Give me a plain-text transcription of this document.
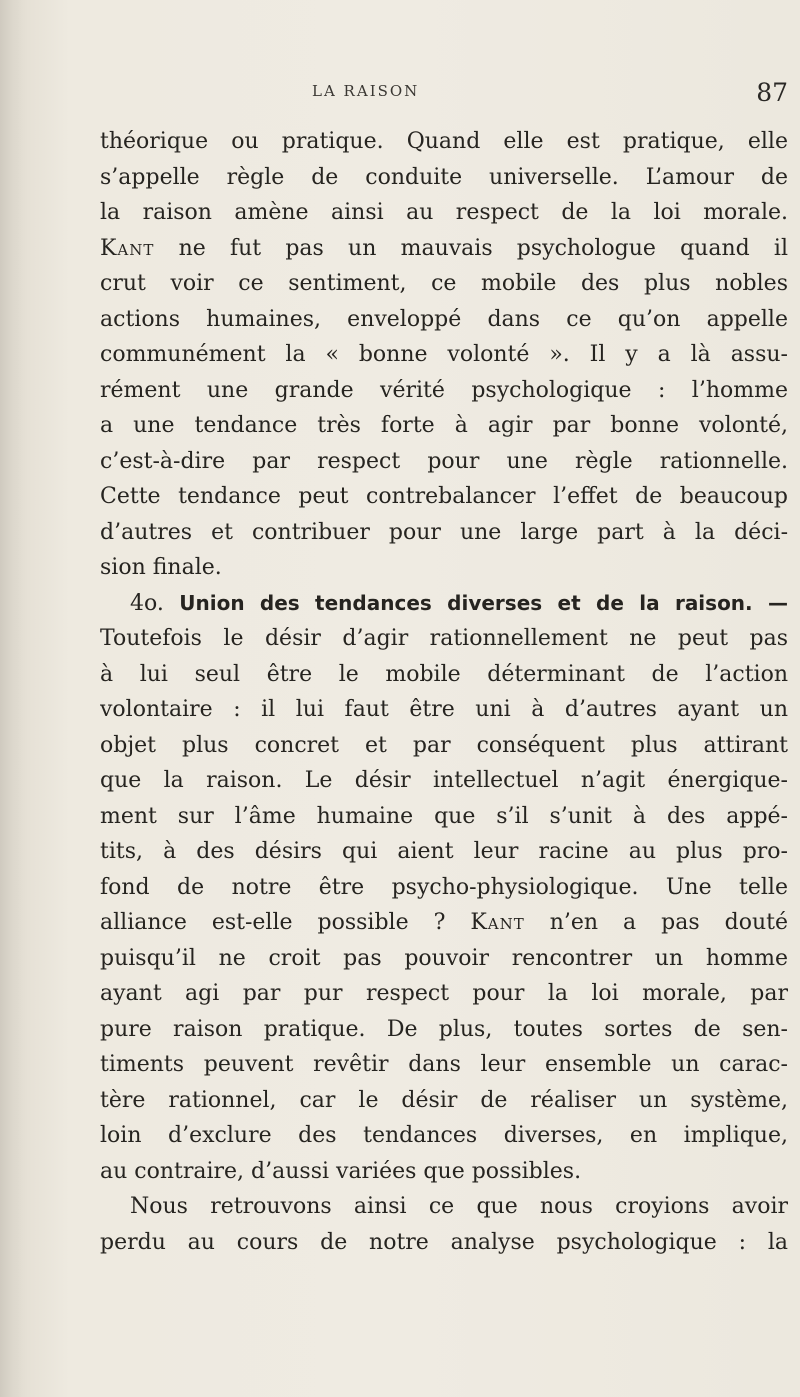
LA RAISON	87
théorique ou pratique. Quand elle est pratique, elle
s’appelle règle de conduite universelle. L’amour de
la raison amène ainsi au respect de la loi morale.
Kant ne fut pas un mauvais psychologue quand il
crut voir ce sentiment, ce mobile des plus nobles
actions humaines, enveloppé dans ce qu’on appelle
communément la « bonne volonté ». Il y a là assu-
rément une grande vérité psychologique : l’homme
a une tendance très forte à agir par bonne volonté,
c’est-à-dire par respect pour une règle rationnelle.
Cette tendance peut contrebalancer l’effet de beaucoup
d’autres et contribuer pour une large part à la déci-
sion finale.
4o. Union des tendances diverses et de la raison. —
Toutefois le désir d’agir rationnellement ne peut pas
à lui seul être le mobile déterminant de l’action
volontaire : il lui faut être uni à d’autres ayant un
objet plus concret et par conséquent plus attirant
que la raison. Le désir intellectuel n’agit énergique-
ment sur l’âme humaine que s’il s’unit à des appé-
tits, à des désirs qui aient leur racine au plus pro-
fond de notre être psycho-physiologique. Une telle
alliance est-elle possible ? Kant n’en a pas douté
puisqu’il ne croit pas pouvoir rencontrer un homme
ayant agi par pur respect pour la loi morale, par
pure raison pratique. De plus, toutes sortes de sen-
timents peuvent revêtir dans leur ensemble un carac-
tère rationnel, car le désir de réaliser un système,
loin d’exclure des tendances diverses, en implique,
au contraire, d’aussi variées que possibles.
Nous retrouvons ainsi ce que nous croyions avoir
perdu au cours de notre analyse psychologique : la
